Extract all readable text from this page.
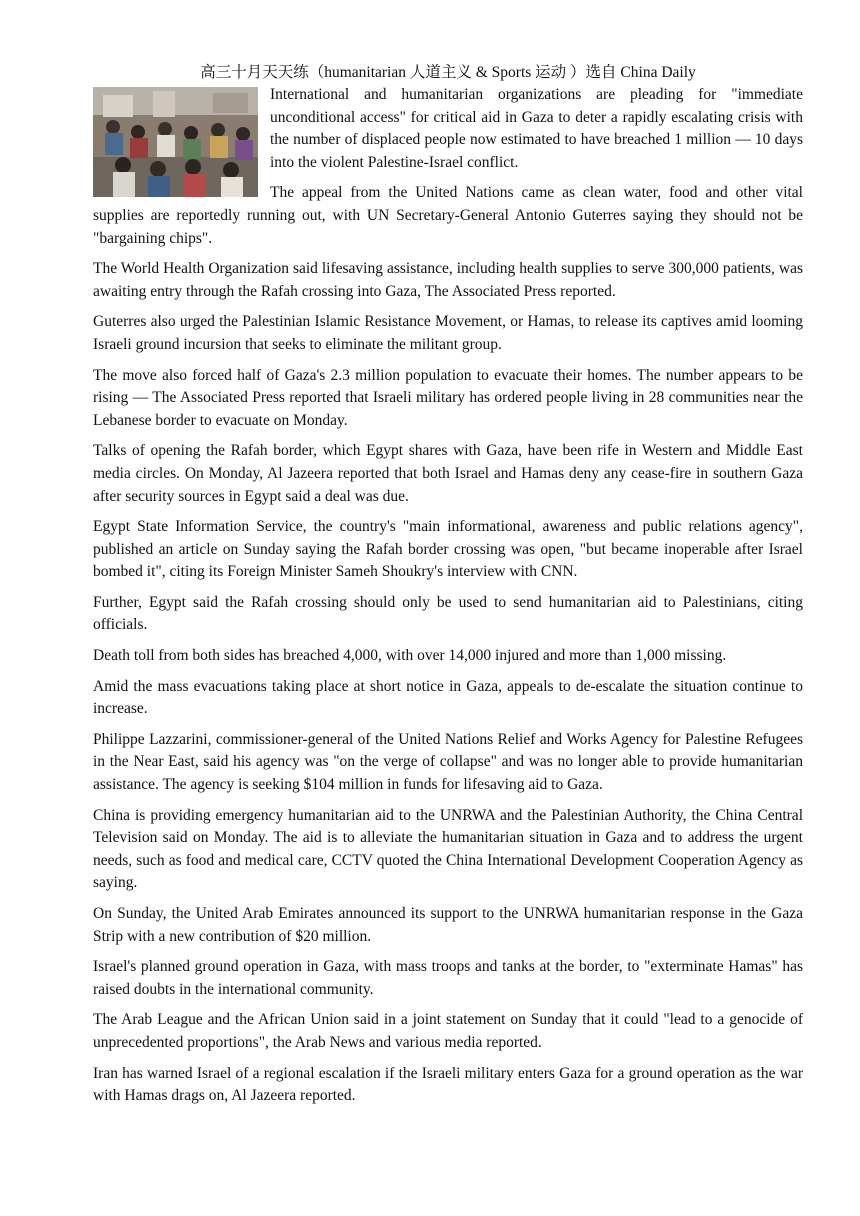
高三十月天天练（humanitarian 人道主义 & Sports 运动 ）选自 China Daily

International and humanitarian organizations are pleading for "immediate unconditional access" for critical aid in Gaza to deter a rapidly escalating crisis with the number of displaced people now estimated to have breached 1 million — 10 days into the violent Palestine-Israel conflict.

The appeal from the United Nations came as clean water, food and other vital supplies are reportedly running out, with UN Secretary-General Antonio Guterres saying they should not be "bargaining chips".

The World Health Organization said lifesaving assistance, including health supplies to serve 300,000 patients, was awaiting entry through the Rafah crossing into Gaza, The Associated Press reported.

Guterres also urged the Palestinian Islamic Resistance Movement, or Hamas, to release its captives amid looming Israeli ground incursion that seeks to eliminate the militant group.

The move also forced half of Gaza's 2.3 million population to evacuate their homes. The number appears to be rising — The Associated Press reported that Israeli military has ordered people living in 28 communities near the Lebanese border to evacuate on Monday.

Talks of opening the Rafah border, which Egypt shares with Gaza, have been rife in Western and Middle East media circles. On Monday, Al Jazeera reported that both Israel and Hamas deny any cease-fire in southern Gaza after security sources in Egypt said a deal was due.

Egypt State Information Service, the country's "main informational, awareness and public relations agency", published an article on Sunday saying the Rafah border crossing was open, "but became inoperable after Israel bombed it", citing its Foreign Minister Sameh Shoukry's interview with CNN.

Further, Egypt said the Rafah crossing should only be used to send humanitarian aid to Palestinians, citing officials.

Death toll from both sides has breached 4,000, with over 14,000 injured and more than 1,000 missing.

Amid the mass evacuations taking place at short notice in Gaza, appeals to de-escalate the situation continue to increase.

Philippe Lazzarini, commissioner-general of the United Nations Relief and Works Agency for Palestine Refugees in the Near East, said his agency was "on the verge of collapse" and was no longer able to provide humanitarian assistance. The agency is seeking $104 million in funds for lifesaving aid to Gaza.

China is providing emergency humanitarian aid to the UNRWA and the Palestinian Authority, the China Central Television said on Monday. The aid is to alleviate the humanitarian situation in Gaza and to address the urgent needs, such as food and medical care, CCTV quoted the China International Development Cooperation Agency as saying.

On Sunday, the United Arab Emirates announced its support to the UNRWA humanitarian response in the Gaza Strip with a new contribution of $20 million.

Israel's planned ground operation in Gaza, with mass troops and tanks at the border, to "exterminate Hamas" has raised doubts in the international community.

The Arab League and the African Union said in a joint statement on Sunday that it could "lead to a genocide of unprecedented proportions", the Arab News and various media reported.

Iran has warned Israel of a regional escalation if the Israeli military enters Gaza for a ground operation as the war with Hamas drags on, Al Jazeera reported.
